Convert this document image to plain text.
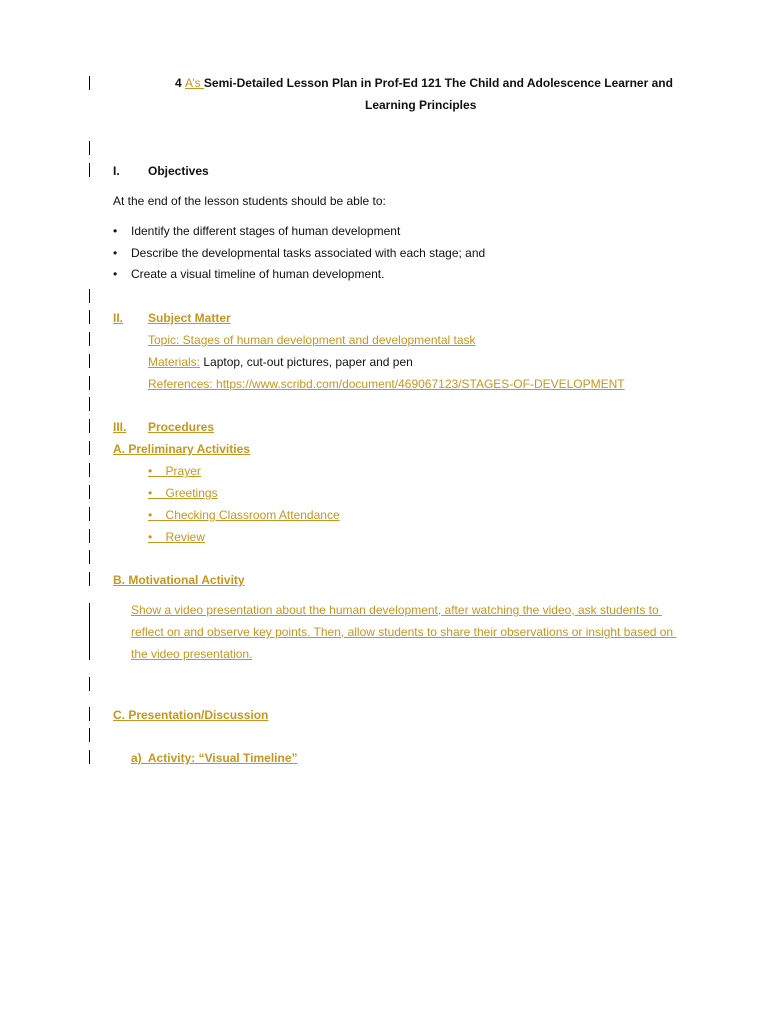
4 A’s Semi-Detailed Lesson Plan in Prof-Ed 121 The Child and Adolescence Learner and
Learning Principles
I. Objectives
At the end of the lesson students should be able to:
• Identify the different stages of human development
• Describe the developmental tasks associated with each stage; and
• Create a visual timeline of human development.
II. Subject Matter
Topic: Stages of human development and developmental task
Materials: Laptop, cut-out pictures, paper and pen
References: https://www.scribd.com/document/469067123/STAGES-OF-DEVELOPMENT
III. Procedures
A. Preliminary Activities
•    Prayer
•    Greetings
•    Checking Classroom Attendance
•    Review
B. Motivational Activity
Show a video presentation about the human development, after watching the video, ask students to
reflect on and observe key points. Then, allow students to share their observations or insight based on
the video presentation.
C. Presentation/Discussion
a)  Activity: “Visual Timeline”
